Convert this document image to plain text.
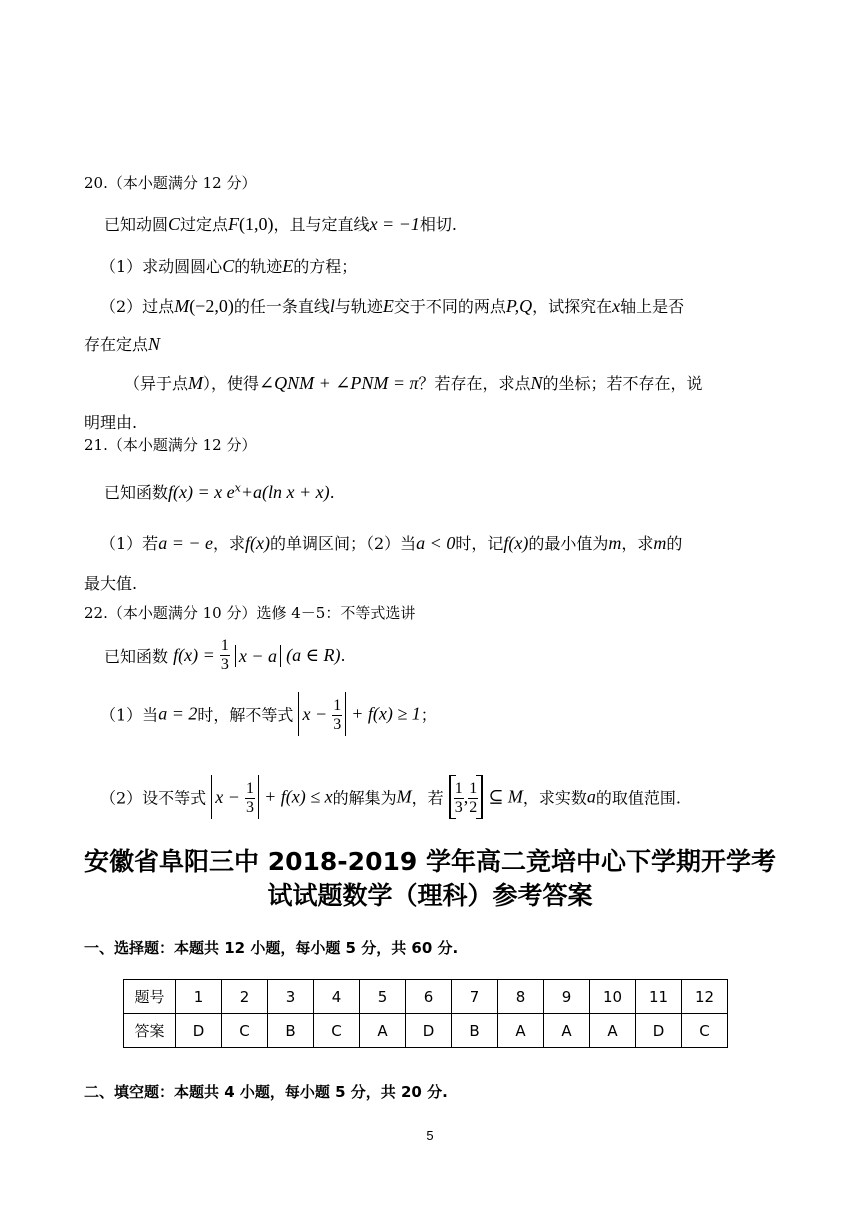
20.（本小题满分 12 分）
已知动圆C过定点F(1,0)，且与定直线x = −1相切.
（1）求动圆圆心C的轨迹E的方程；
（2）过点M(−2,0)的任一条直线l与轨迹E交于不同的两点P,Q，试探究在x轴上是否
存在定点N
（异于点M），使得∠QNM + ∠PNM = π？若存在，求点N的坐标；若不存在，说
明理由.
21.（本小题满分 12 分）
已知函数f(x) = x $e^x+a(\ln$ x + x).
（1）若a = − e，求f(x)的单调区间；（2）当a < 0时，记f(x)的最小值为m，求m的
最大值.
22.（本小题满分 10 分）选修 4－5：不等式选讲
已知函数 $f(x) = \frac{1}{3}$ x − a (a ∈ R).
（1）当a = 2时，解不等式 $x - \frac{1}{3} + f(x) \ge 1$；
（2）设不等式 $x - \frac{1}{3} + f(x) \le x$的解集为M，若 $\frac{1}{3}$ , $\frac{1}{2}$ ⊆ M，求实数a的取值范围.
安徽省阜阳三中 2018-2019 学年高二竞培中心下学期开学考
试试题数学（理科）参考答案
一、选择题：本题共 12 小题，每小题 5 分，共 60 分.
题号	1	2	3	4	5	6	7	8	9	10	11	12
答案	D	C	B	C	A	D	B	A	A	A	D	C
二、填空题：本题共 4 小题，每小题 5 分，共 20 分.
5
